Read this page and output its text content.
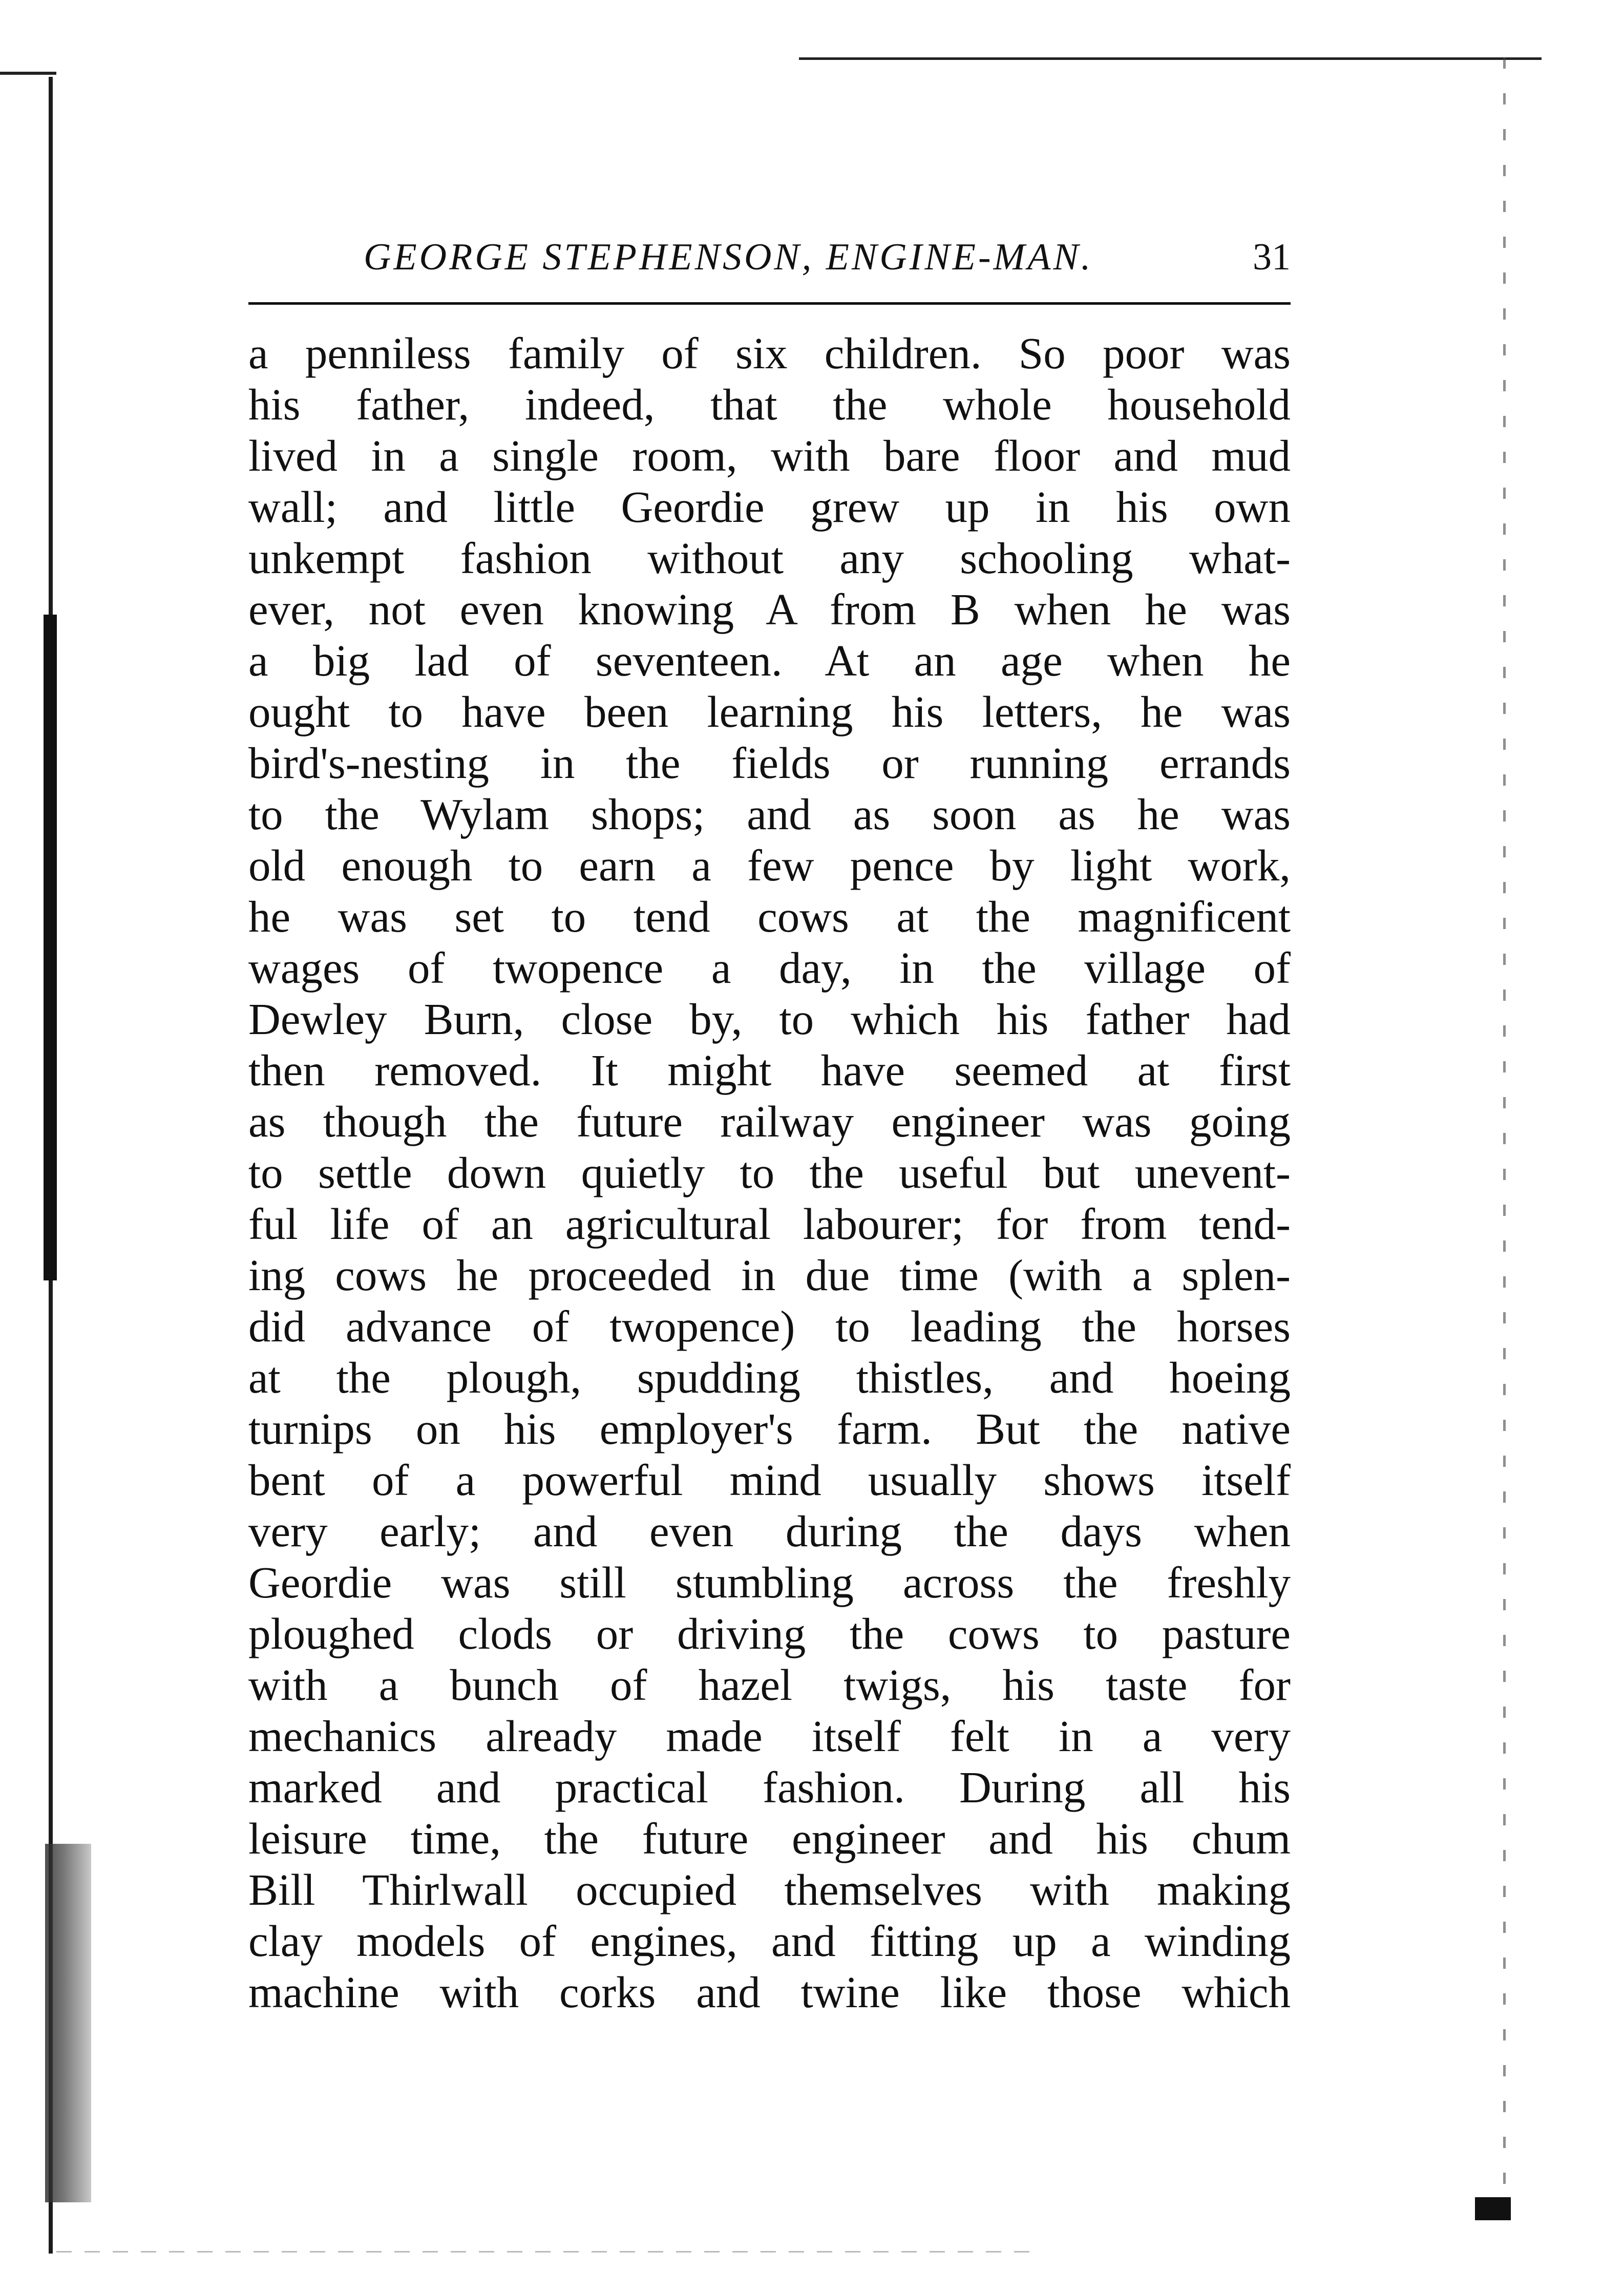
GEORGE STEPHENSON, ENGINE-MAN.	31
a penniless family of six children. So poor was
his father, indeed, that the whole household
lived in a single room, with bare floor and mud
wall; and little Geordie grew up in his own
unkempt fashion without any schooling what-
ever, not even knowing A from B when he was
a big lad of seventeen. At an age when he
ought to have been learning his letters, he was
bird's-nesting in the fields or running errands
to the Wylam shops; and as soon as he was
old enough to earn a few pence by light work,
he was set to tend cows at the magnificent
wages of twopence a day, in the village of
Dewley Burn, close by, to which his father had
then removed. It might have seemed at first
as though the future railway engineer was going
to settle down quietly to the useful but unevent-
ful life of an agricultural labourer; for from tend-
ing cows he proceeded in due time (with a splen-
did advance of twopence) to leading the horses
at the plough, spudding thistles, and hoeing
turnips on his employer's farm. But the native
bent of a powerful mind usually shows itself
very early; and even during the days when
Geordie was still stumbling across the freshly
ploughed clods or driving the cows to pasture
with a bunch of hazel twigs, his taste for
mechanics already made itself felt in a very
marked and practical fashion. During all his
leisure time, the future engineer and his chum
Bill Thirlwall occupied themselves with making
clay models of engines, and fitting up a winding
machine with corks and twine like those which
